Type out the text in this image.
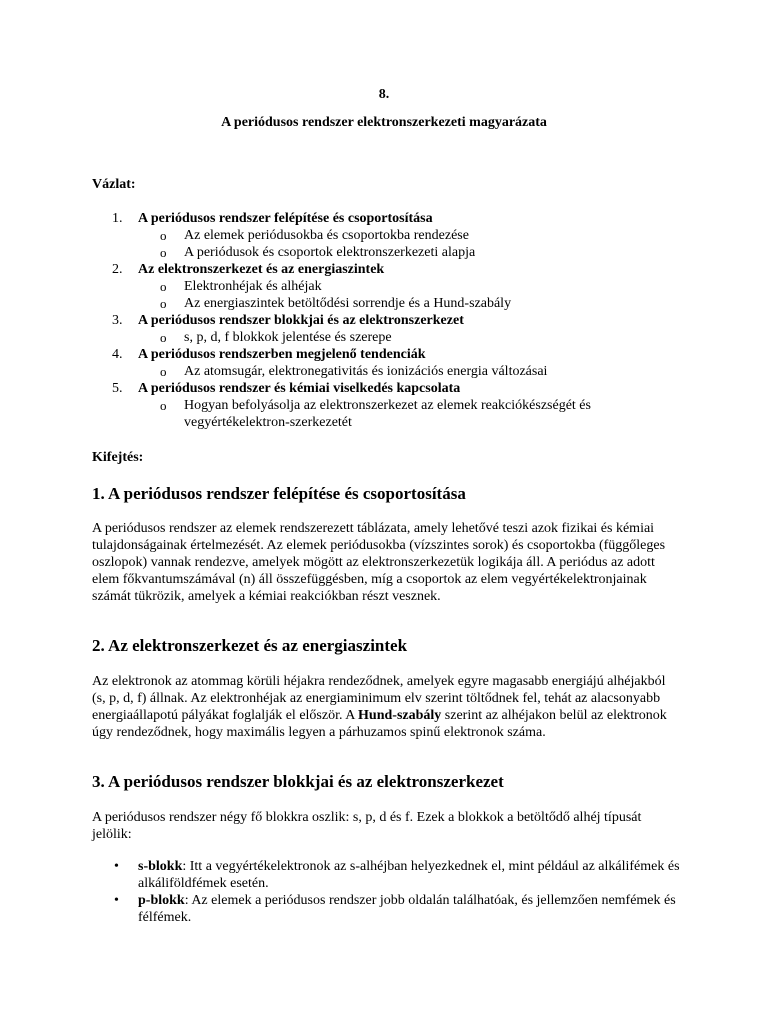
8.
A periódusos rendszer elektronszerkezeti magyarázata
Vázlat:
1. A periódusos rendszer felépítése és csoportosítása
o Az elemek periódusokba és csoportokba rendezése
o A periódusok és csoportok elektronszerkezeti alapja
2. Az elektronszerkezet és az energiaszintek
o Elektronhéjak és alhéjak
o Az energiaszintek betöltődési sorrendje és a Hund-szabály
3. A periódusos rendszer blokkjai és az elektronszerkezet
o s, p, d, f blokkok jelentése és szerepe
4. A periódusos rendszerben megjelenő tendenciák
o Az atomsugár, elektronegativitás és ionizációs energia változásai
5. A periódusos rendszer és kémiai viselkedés kapcsolata
o Hogyan befolyásolja az elektronszerkezet az elemek reakciókészségét és vegyértékelektron-szerkezetét
Kifejtés:
1. A periódusos rendszer felépítése és csoportosítása

A periódusos rendszer az elemek rendszerezett táblázata, amely lehetővé teszi azok fizikai és kémiai tulajdonságainak értelmezését. Az elemek periódusokba (vízszintes sorok) és csoportokba (függőleges oszlopok) vannak rendezve, amelyek mögött az elektronszerkezetük logikája áll. A periódus az adott elem főkvantumszámával (n) áll összefüggésben, míg a csoportok az elem vegyértékelektronjainak számát tükrözik, amelyek a kémiai reakciókban részt vesznek.

2. Az elektronszerkezet és az energiaszintek

Az elektronok az atommag körüli héjakra rendeződnek, amelyek egyre magasabb energiájú alhéjakból (s, p, d, f) állnak. Az elektronhéjak az energiaminimum elv szerint töltődnek fel, tehát az alacsonyabb energiaállapotú pályákat foglalják el először. A Hund-szabály szerint az alhéjakon belül az elektronok úgy rendeződnek, hogy maximális legyen a párhuzamos spinű elektronok száma.

3. A periódusos rendszer blokkjai és az elektronszerkezet

A periódusos rendszer négy fő blokkra oszlik: s, p, d és f. Ezek a blokkok a betöltődő alhéj típusát jelölik:

• s-blokk: Itt a vegyértékelektronok az s-alhéjban helyezkednek el, mint például az alkálifémek és alkáliföldfémek esetén.
• p-blokk: Az elemek a periódusos rendszer jobb oldalán találhatóak, és jellemzően nemfémek és félfémek.
